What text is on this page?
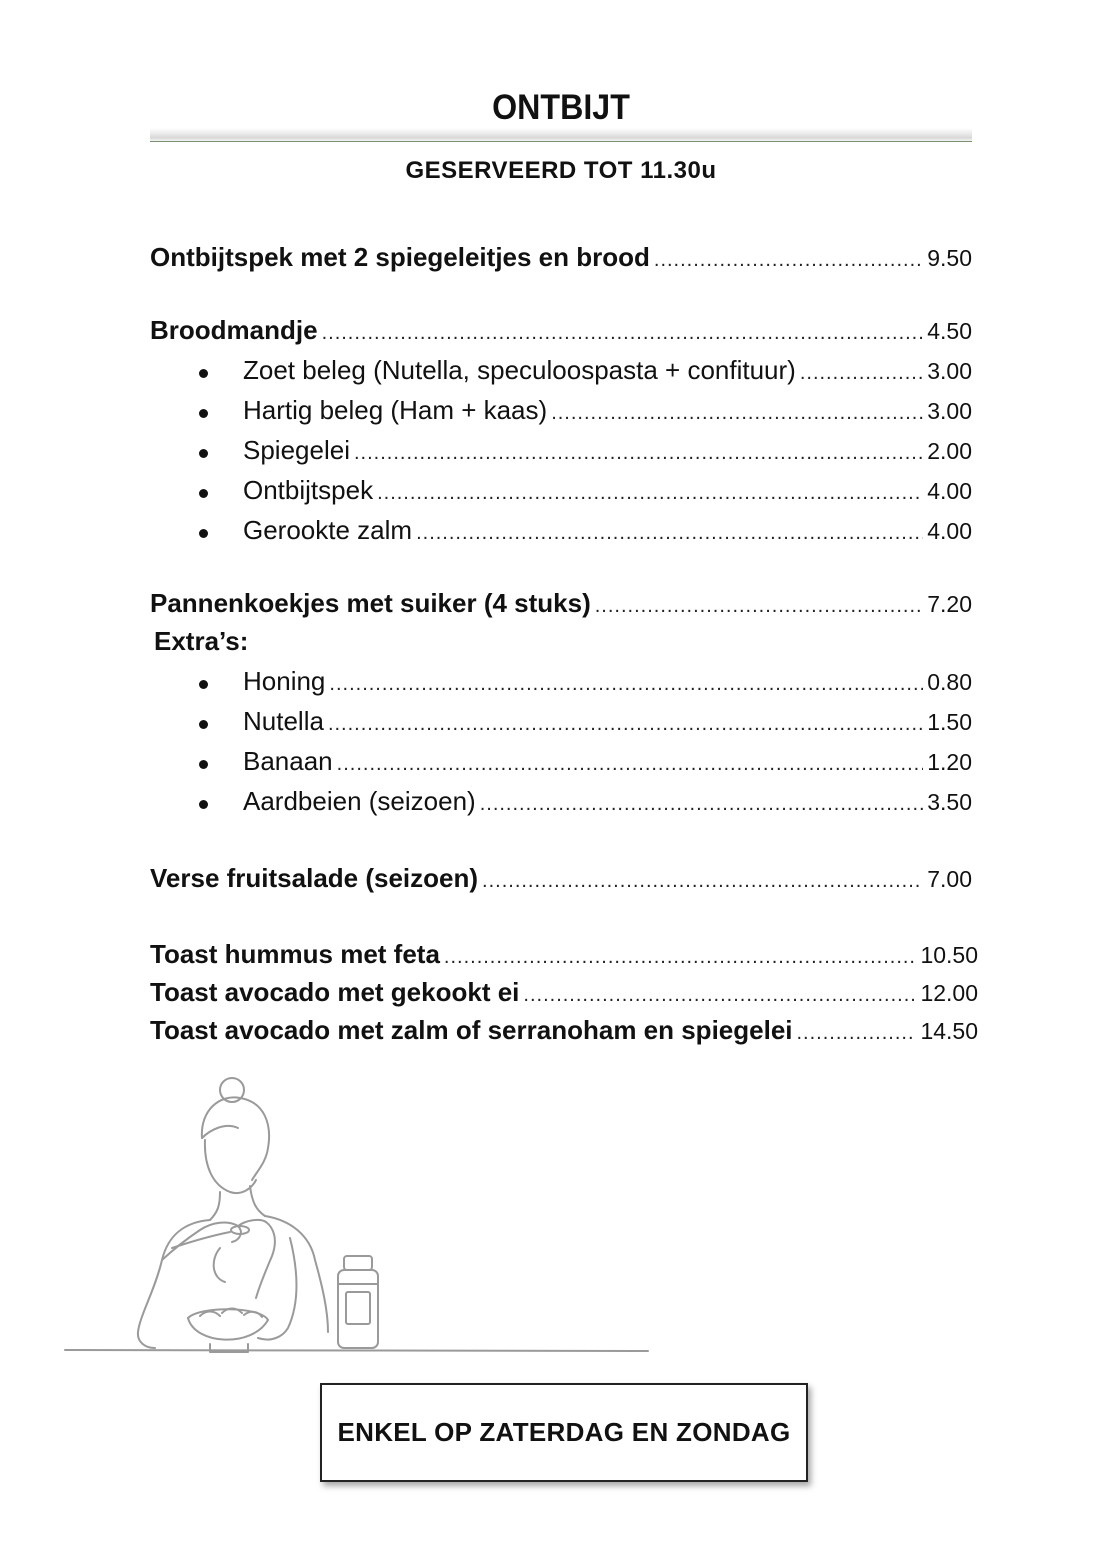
ONTBIJT
GESERVEERD TOT 11.30u
Ontbijtspek met 2 spiegeleitjes en brood .....	9.50
Broodmandje .....	4.50
Zoet beleg (Nutella, speculoospasta + confituur) .....	3.00
Hartig beleg (Ham + kaas) .....	3.00
Spiegelei .....	2.00
Ontbijtspek .....	4.00
Gerookte zalm .....	4.00
Pannenkoekjes met suiker (4 stuks) .....	7.20
Extra’s:
Honing .....	0.80
Nutella .....	1.50
Banaan .....	1.20
Aardbeien (seizoen) .....	3.50
Verse fruitsalade (seizoen) .....	7.00
Toast hummus met feta .....	10.50
Toast avocado met gekookt ei .....	12.00
Toast avocado met zalm of serranoham en spiegelei .....	14.50
ENKEL OP ZATERDAG EN ZONDAG
